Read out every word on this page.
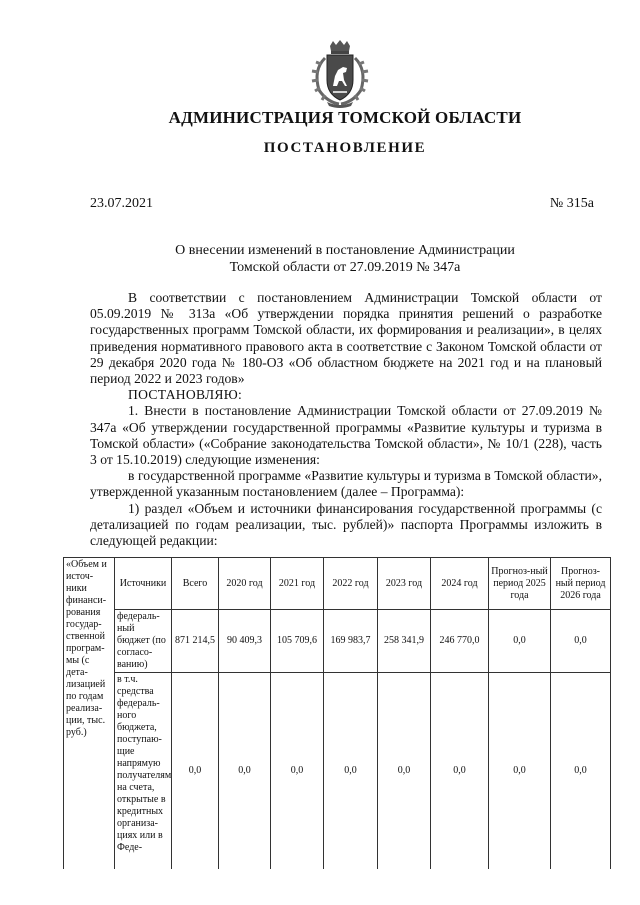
АДМИНИСТРАЦИЯ ТОМСКОЙ ОБЛАСТИ
ПОСТАНОВЛЕНИЕ
23.07.2021	№ 315а
О внесении изменений в постановление Администрации
Томской области от 27.09.2019 № 347а

В соответствии с постановлением Администрации Томской области от 05.09.2019 № 313а «Об утверждении порядка принятия решений о разработке государственных программ Томской области, их формирования и реализации», в целях приведения нормативного правового акта в соответствие с Законом Томской области от 29 декабря 2020 года № 180-ОЗ «Об областном бюджете на 2021 год и на плановый период 2022 и 2023 годов»

ПОСТАНОВЛЯЮ:

1. Внести в постановление Администрации Томской области от 27.09.2019 № 347а «Об утверждении государственной программы «Развитие культуры и туризма в Томской области» («Собрание законодательства Томской области», № 10/1 (228), часть 3 от 15.10.2019) следующие изменения:

в государственной программе «Развитие культуры и туризма в Томской области», утвержденной указанным постановлением (далее – Программа):

1) раздел «Объем и источники финансирования государственной программы (с детализацией по годам реализации, тыс. рублей)» паспорта Программы изложить в следующей редакции:

«Объем и источ-ники финанси-рования государ-ственной програм-мы (с дета-лизацией по годам реализа-ции, тыс. руб.)	Источники	Всего	2020 год	2021 год	2022 год	2023 год	2024 год	Прогноз-ный период 2025 года	Прогноз-ный период 2026 года
	федераль-ный бюджет (по согласо-ванию)	871 214,5	90 409,3	105 709,6	169 983,7	258 341,9	246 770,0	0,0	0,0
	в т.ч. средства федераль-ного бюджета, поступаю-щие напрямую получателям на счета, открытые в кредитных организа-циях или в Феде-	0,0	0,0	0,0	0,0	0,0	0,0	0,0	0,0
